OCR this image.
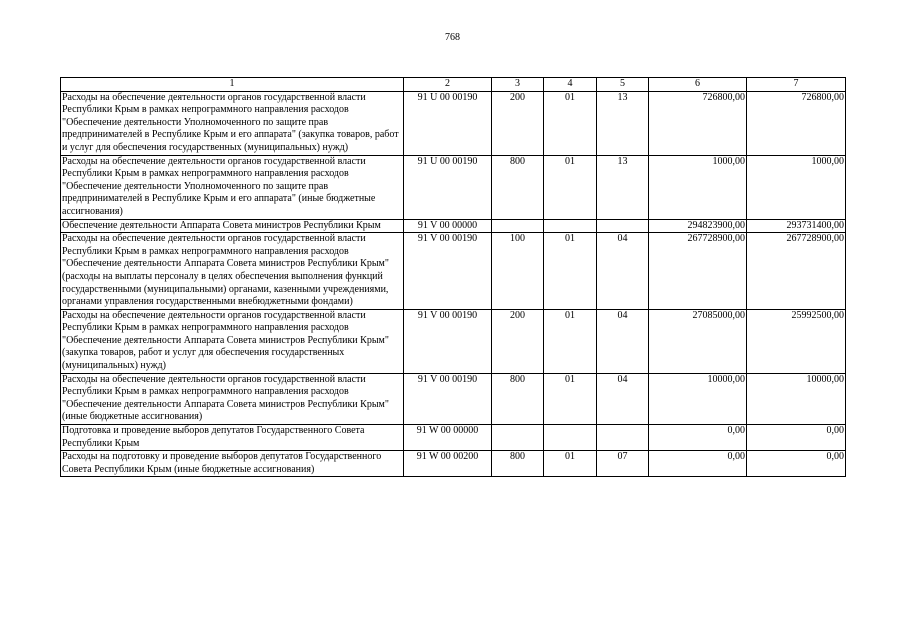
768
1	2	3	4	5	6	7
Расходы на обеспечение деятельности органов государственной власти Республики Крым в рамках непрограммного направления расходов "Обеспечение деятельности Уполномоченного по защите прав предпринимателей в Республике Крым и его аппарата" (закупка товаров, работ и услуг для обеспечения государственных (муниципальных) нужд)	91 U 00 00190	200	01	13	726800,00	726800,00
Расходы на обеспечение деятельности органов государственной власти Республики Крым в рамках непрограммного направления расходов "Обеспечение деятельности Уполномоченного по защите прав предпринимателей в Республике Крым и его аппарата" (иные бюджетные ассигнования)	91 U 00 00190	800	01	13	1000,00	1000,00
Обеспечение деятельности Аппарата Совета министров Республики Крым	91 V 00 00000				294823900,00	293731400,00
Расходы на обеспечение деятельности органов государственной власти Республики Крым в рамках непрограммного направления расходов "Обеспечение деятельности Аппарата Совета министров Республики Крым" (расходы на выплаты персоналу в целях обеспечения выполнения функций государственными (муниципальными) органами, казенными учреждениями, органами управления государственными внебюджетными фондами)	91 V 00 00190	100	01	04	267728900,00	267728900,00
Расходы на обеспечение деятельности органов государственной власти Республики Крым в рамках непрограммного направления расходов "Обеспечение деятельности Аппарата Совета министров Республики Крым" (закупка товаров, работ и услуг для обеспечения государственных (муниципальных) нужд)	91 V 00 00190	200	01	04	27085000,00	25992500,00
Расходы на обеспечение деятельности органов государственной власти Республики Крым в рамках непрограммного направления расходов "Обеспечение деятельности Аппарата Совета министров Республики Крым" (иные бюджетные ассигнования)	91 V 00 00190	800	01	04	10000,00	10000,00
Подготовка и проведение выборов депутатов Государственного Совета Республики Крым	91 W 00 00000				0,00	0,00
Расходы на подготовку и проведение выборов депутатов Государственного Совета Республики Крым (иные бюджетные ассигнования)	91 W 00 00200	800	01	07	0,00	0,00
